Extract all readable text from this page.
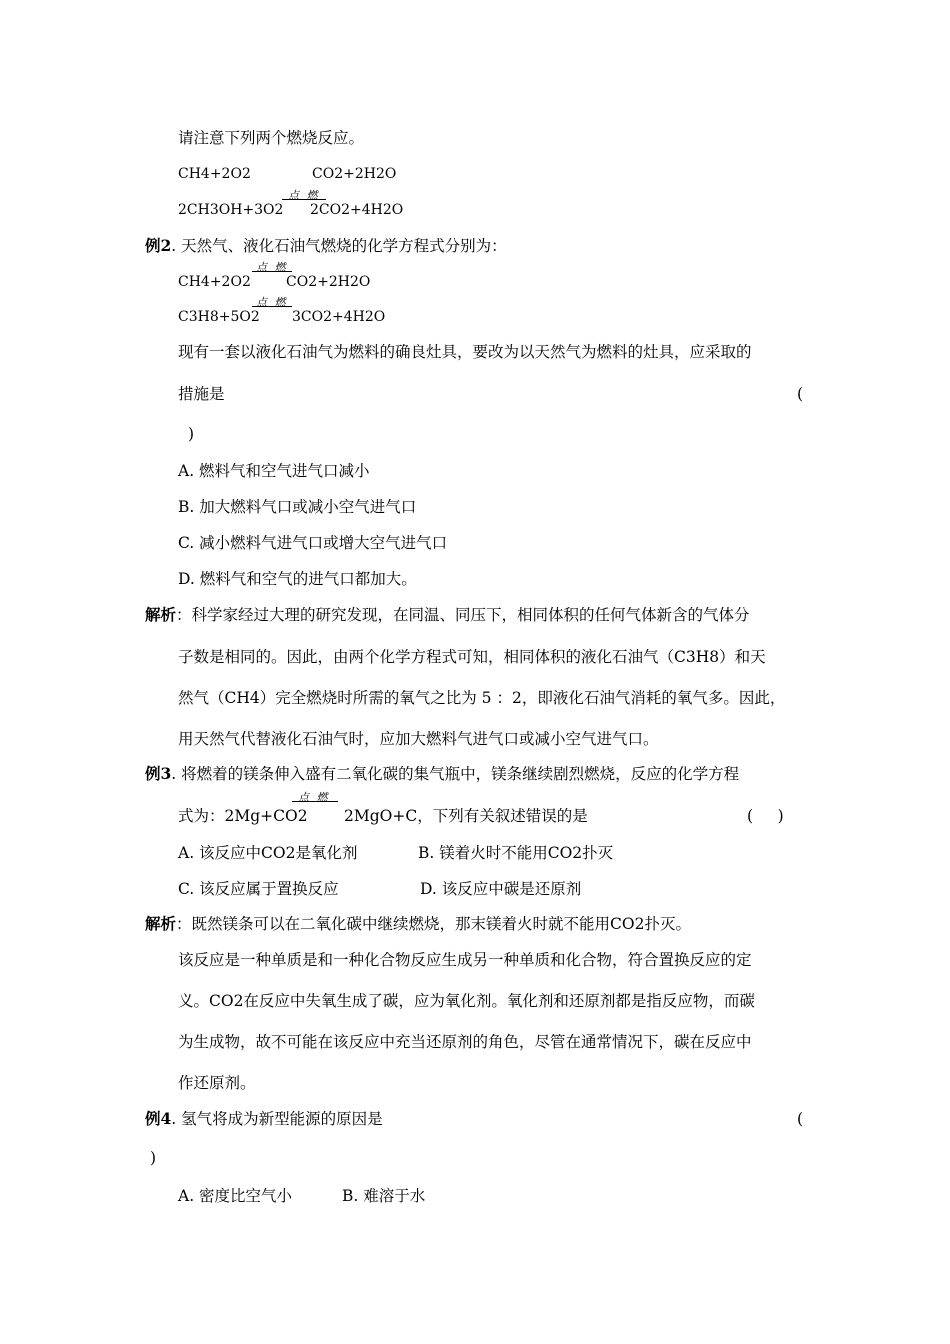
请注意下列两个燃烧反应。
CH4+2O2	CO2+2H2O
点 燃
2CH3OH+3O2 2CO2+4H2O
例2. 天然气、液化石油气燃烧的化学方程式分别为：
点 燃
CH4+2O2	CO2+2H2O
点 燃
C3H8+5O2 3CO2+4H2O
现有一套以液化石油气为燃料的确良灶具，要改为以天然气为燃料的灶具，应采取的
措施是	(
)
A. 燃料气和空气进气口减小
B. 加大燃料气口或减小空气进气口
C. 减小燃料气进气口或增大空气进气口
D. 燃料气和空气的进气口都加大。
解析：科学家经过大理的研究发现，在同温、同压下，相同体积的任何气体新含的气体分
子数是相同的。因此，由两个化学方程式可知，相同体积的液化石油气（C3H8）和天
然气（CH4）完全燃烧时所需的氧气之比为 5 ：2，即液化石油气消耗的氧气多。因此，
用天然气代替液化石油气时，应加大燃料气进气口或减小空气进气口。
例3. 将燃着的镁条伸入盛有二氧化碳的集气瓶中，镁条继续剧烈燃烧，反应的化学方程
点 燃
式为：2Mg+CO2 2MgO+C，下列有关叙述错误的是	(     )
A. 该反应中CO2是氧化剂	B. 镁着火时不能用CO2扑灭
C. 该反应属于置换反应	D. 该反应中碳是还原剂
解析：既然镁条可以在二氧化碳中继续燃烧，那末镁着火时就不能用CO2扑灭。
该反应是一种单质是和一种化合物反应生成另一种单质和化合物，符合置换反应的定
义。CO2在反应中失氧生成了碳，应为氧化剂。氧化剂和还原剂都是指反应物，而碳
为生成物，故不可能在该反应中充当还原剂的角色，尽管在通常情况下，碳在反应中
作还原剂。
例4. 氢气将成为新型能源的原因是	(
)
A. 密度比空气小	B. 难溶于水
